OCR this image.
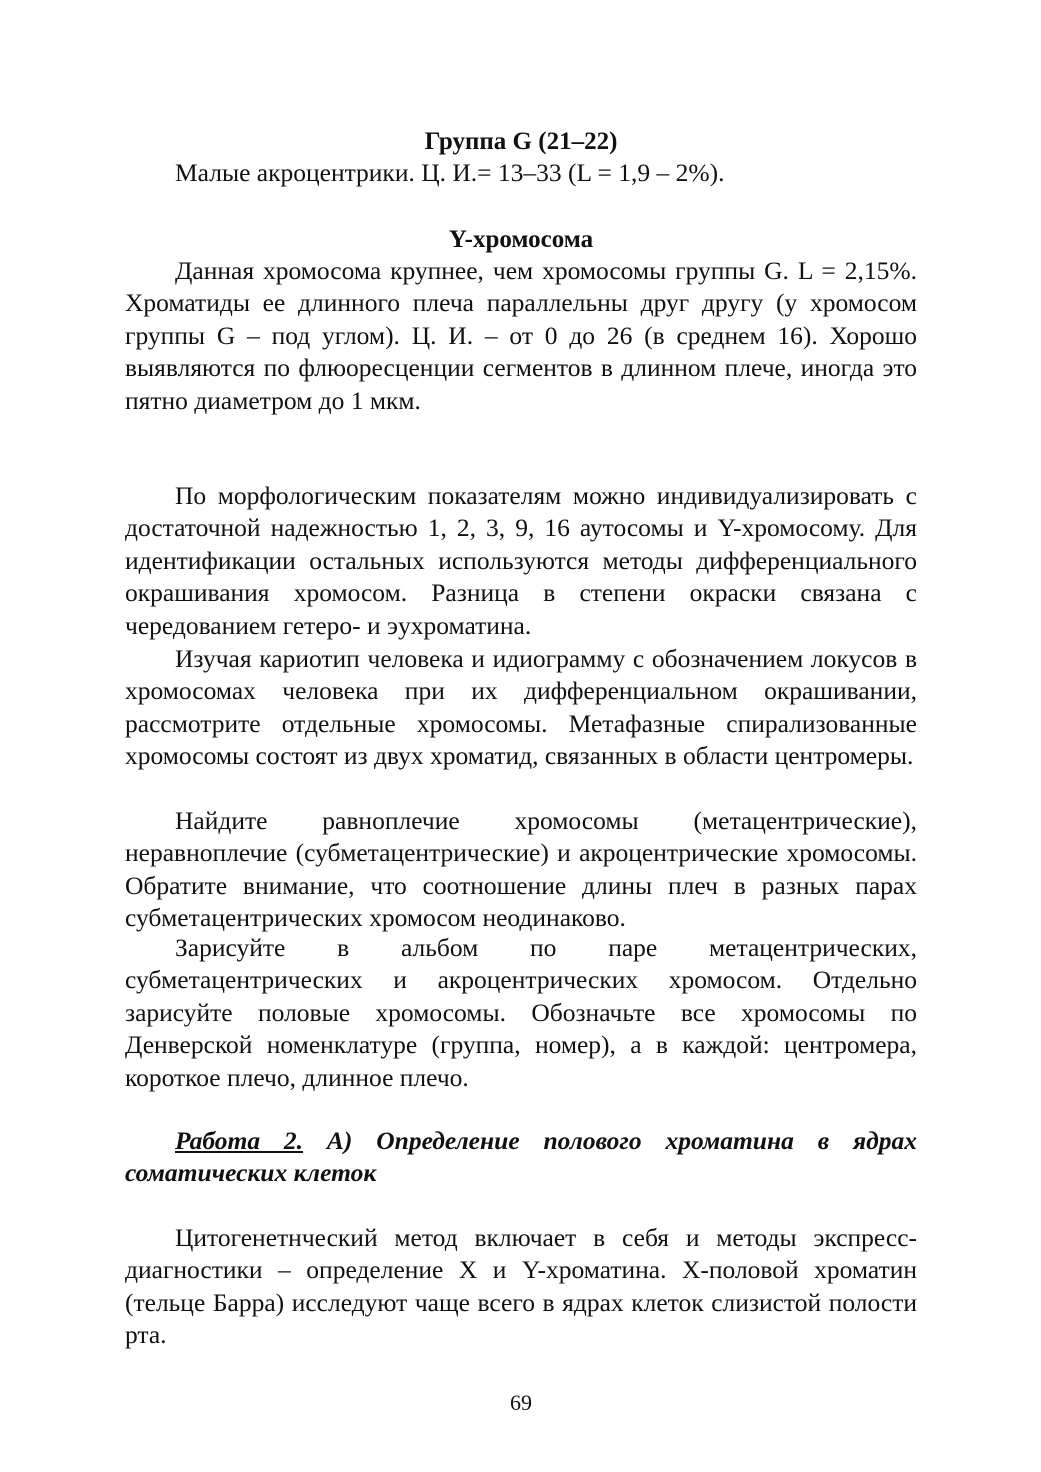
Группа G (21–22)
Малые акроцентрики. Ц. И.= 13–33 (L = 1,9 – 2%).
Y-хромосома
Данная хромосома крупнее, чем хромосомы группы G. L = 2,15%. Хроматиды ее длинного плеча параллельны друг другу (у хромосом группы G – под углом). Ц. И. – от 0 до 26 (в среднем 16). Хорошо выявляются по флюоресценции сегментов в длинном плече, иногда это пятно диаметром до 1 мкм.
По морфологическим показателям можно индивидуализировать с достаточной надежностью 1, 2, 3, 9, 16 аутосомы и Y-хромосому. Для идентификации остальных используются методы дифференциального окрашивания хромосом. Разница в степени окраски связана с чередованием гетеро- и эухроматина.
Изучая кариотип человека и идиограмму с обозначением локусов в хромосомах человека при их дифференциальном окрашивании, рассмотрите отдельные хромосомы. Метафазные спирализованные хромосомы состоят из двух хроматид, связанных в области центромеры.
Найдите равноплечие хромосомы (метацентрические), неравноплечие (субметацентрические) и акроцентрические хромосомы. Обратите внимание, что соотношение длины плеч в разных парах субметацентрических хромосом неодинаково.
Зарисуйте в альбом по паре метацентрических, субметацентрических и акроцентрических хромосом. Отдельно зарисуйте половые хромосомы. Обозначьте все хромосомы по Денверской номенклатуре (группа, номер), а в каждой: центромера, короткое плечо, длинное плечо.
Работа 2. А) Определение полового хроматина в ядрах соматических клеток
Цитогенетнческий метод включает в себя и методы экспресс-диагностики – определение X и Y-хроматина. X-половой хроматин (тельце Барра) исследуют чаще всего в ядрах клеток слизистой полости рта.
69
